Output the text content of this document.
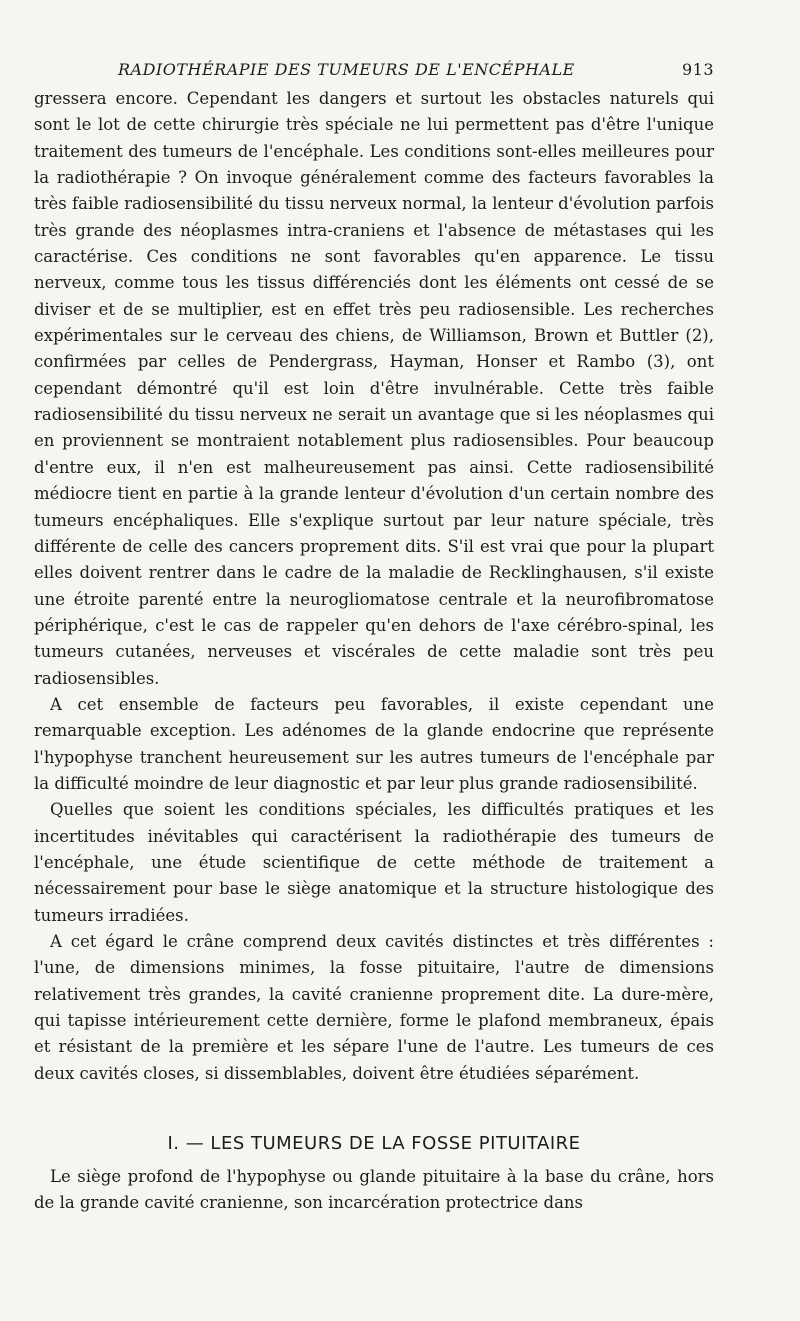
RADIOTHÉRAPIE DES TUMEURS DE L'ENCÉPHALE	913

gressera encore. Cependant les dangers et surtout les obstacles naturels qui sont le lot de cette chirurgie très spéciale ne lui permettent pas d'être l'unique traitement des tumeurs de l'encéphale. Les conditions sont-elles meilleures pour la radiothérapie ? On invoque généralement comme des facteurs favorables la très faible radiosensibilité du tissu nerveux normal, la lenteur d'évolution parfois très grande des néoplasmes intra-craniens et l'absence de métastases qui les caractérise. Ces conditions ne sont favorables qu'en apparence. Le tissu nerveux, comme tous les tissus différenciés dont les éléments ont cessé de se diviser et de se multiplier, est en effet très peu radiosensible. Les recherches expérimentales sur le cerveau des chiens, de Williamson, Brown et Buttler (2), confirmées par celles de Pendergrass, Hayman, Honser et Rambo (3), ont cependant démontré qu'il est loin d'être invulnérable. Cette très faible radiosensibilité du tissu nerveux ne serait un avantage que si les néoplasmes qui en proviennent se montraient notablement plus radiosensibles. Pour beaucoup d'entre eux, il n'en est malheureusement pas ainsi. Cette radiosensibilité médiocre tient en partie à la grande lenteur d'évolution d'un certain nombre des tumeurs encéphaliques. Elle s'explique surtout par leur nature spéciale, très différente de celle des cancers proprement dits. S'il est vrai que pour la plupart elles doivent rentrer dans le cadre de la maladie de Recklinghausen, s'il existe une étroite parenté entre la neurogliomatose centrale et la neurofibromatose périphérique, c'est le cas de rappeler qu'en dehors de l'axe cérébro-spinal, les tumeurs cutanées, nerveuses et viscérales de cette maladie sont très peu radiosensibles.

A cet ensemble de facteurs peu favorables, il existe cependant une remarquable exception. Les adénomes de la glande endocrine que représente l'hypophyse tranchent heureusement sur les autres tumeurs de l'encéphale par la difficulté moindre de leur diagnostic et par leur plus grande radiosensibilité.

Quelles que soient les conditions spéciales, les difficultés pratiques et les incertitudes inévitables qui caractérisent la radiothérapie des tumeurs de l'encéphale, une étude scientifique de cette méthode de traitement a nécessairement pour base le siège anatomique et la structure histologique des tumeurs irradiées.

A cet égard le crâne comprend deux cavités distinctes et très différentes : l'une, de dimensions minimes, la fosse pituitaire, l'autre de dimensions relativement très grandes, la cavité cranienne proprement dite. La dure-mère, qui tapisse intérieurement cette dernière, forme le plafond membraneux, épais et résistant de la première et les sépare l'une de l'autre. Les tumeurs de ces deux cavités closes, si dissemblables, doivent être étudiées séparément.

I. — LES TUMEURS DE LA FOSSE PITUITAIRE

Le siège profond de l'hypophyse ou glande pituitaire à la base du crâne, hors de la grande cavité cranienne, son incarcération protectrice dans
